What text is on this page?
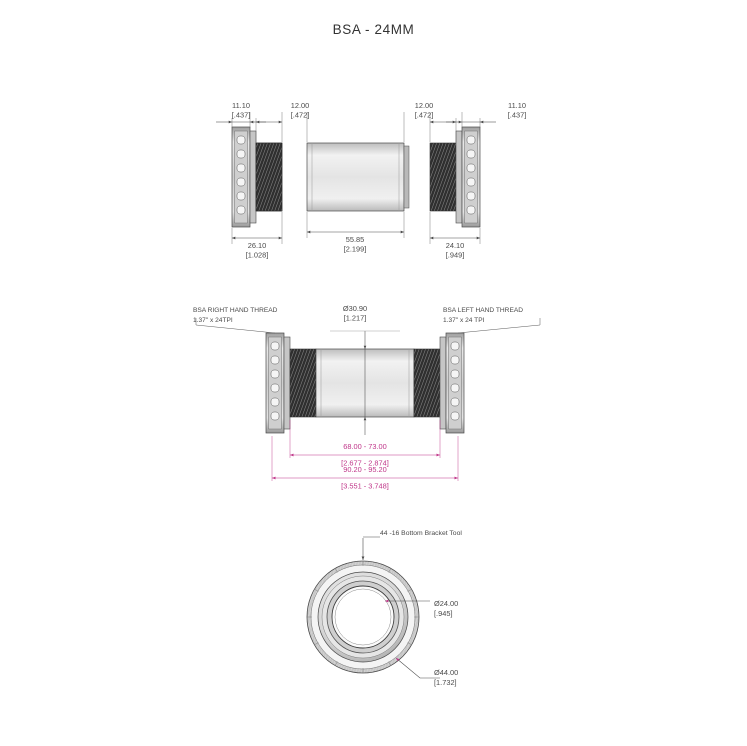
BSA - 24MM
11.10
[.437]
12.00
[.472]
12.00
[.472]
11.10
[.437]
26.10
[1.028]
55.85
[2.199]	24.10
[.949]
BSA RIGHT HAND THREAD
1.37" x 24TPI
BSA LEFT HAND THREAD
1.37" x 24 TPI
Ø30.90
[1.217]
68.00 - 73.00
[2.677 - 2.874]
90.20 - 95.20
[3.551 - 3.748]
44 -16 Bottom Bracket Tool
Ø24.00
[.945]
Ø44.00
[1.732]
